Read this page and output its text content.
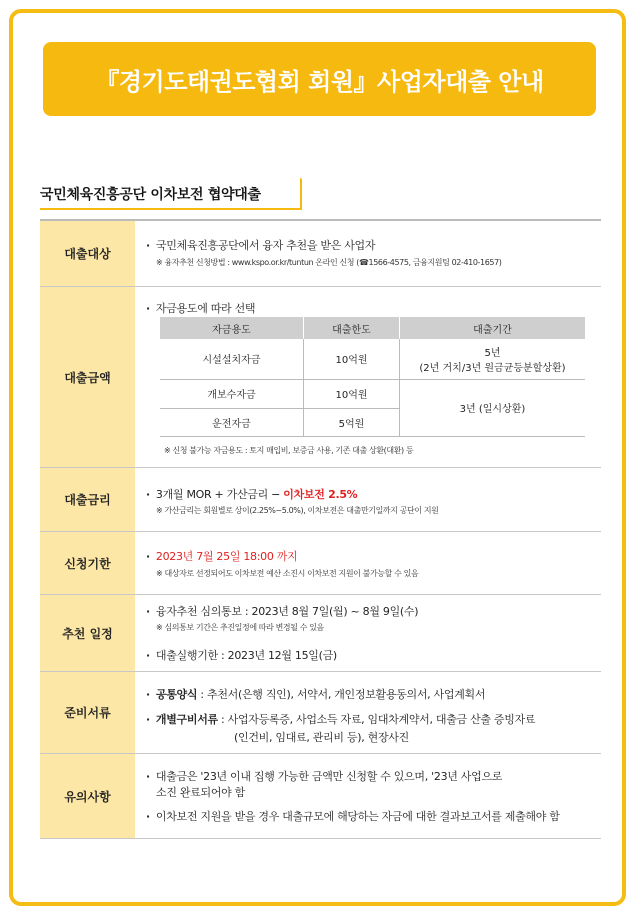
『경기도태권도협회 회원』사업자대출 안내
국민체육진흥공단 이차보전 협약대출
대출대상
· 국민체육진흥공단에서 융자 추천을 받은 사업자
※ 융자추천 신청방법 : www.kspo.or.kr/tuntun 온라인 신청 (☎1566-4575, 금융지원팀 02-410-1657)
대출금액
· 자금용도에 따라 선택
자금용도	대출한도	대출기간
시설설치자금	10억원	5년
(2년 거치/3년 원금균등분할상환)

개보수자금	10억원	3년 (일시상환)
운전자금	5억원	
※ 신청 불가능 자금용도 : 토지 매입비, 보증금 사용, 기존 대출 상환(대환) 등
대출금리	· 3개월 MOR + 가산금리 − 이차보전 2.5%
※ 가산금리는 회원별로 상이(2.25%~5.0%), 이차보전은 대출만기일까지 공단이 지원
신청기한	· 2023년 7월 25일 18:00 까지
※ 대상자로 선정되어도 이차보전 예산 소진시 이차보전 지원이 불가능할 수 있음
추천 일정
· 융자추천 심의통보 : 2023년 8월 7일(월) ~ 8월 9일(수)
※ 심의통보 기간은 추진일정에 따라 변경될 수 있음
· 대출실행기한 : 2023년 12월 15일(금)
준비서류
· 공통양식 : 추천서(은행 직인), 서약서, 개인정보활용동의서, 사업계획서
· 개별구비서류 : 사업자등록증, 사업소득 자료, 임대차계약서, 대출금 산출 증빙자료
(인건비, 임대료, 관리비 등), 현장사진
유의사항
· 대출금은 '23년 이내 집행 가능한 금액만 신청할 수 있으며, '23년 사업으로
소진 완료되어야 함
· 이차보전 지원을 받을 경우 대출규모에 해당하는 자금에 대한 결과보고서를 제출해야 함
